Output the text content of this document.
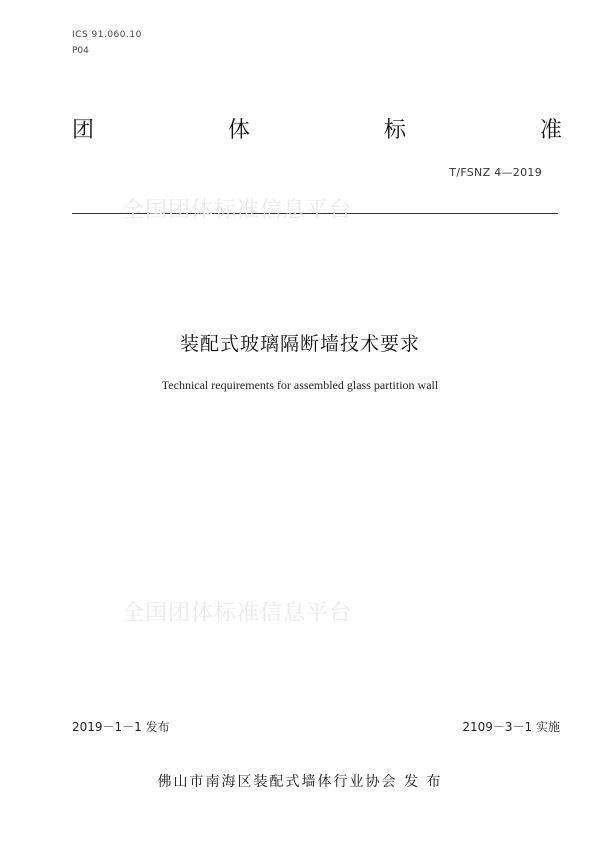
ICS 91.060.10
P04
团	体	标	准
T/FSNZ 4—2019
全国团体标准信息平台
全国团体标准信息平台
装配式玻璃隔断墙技术要求
Technical requirements for assembled glass partition wall
2019－1－1 发布	2109－3－1 实施
佛山市南海区装配式墙体行业协会 发 布
